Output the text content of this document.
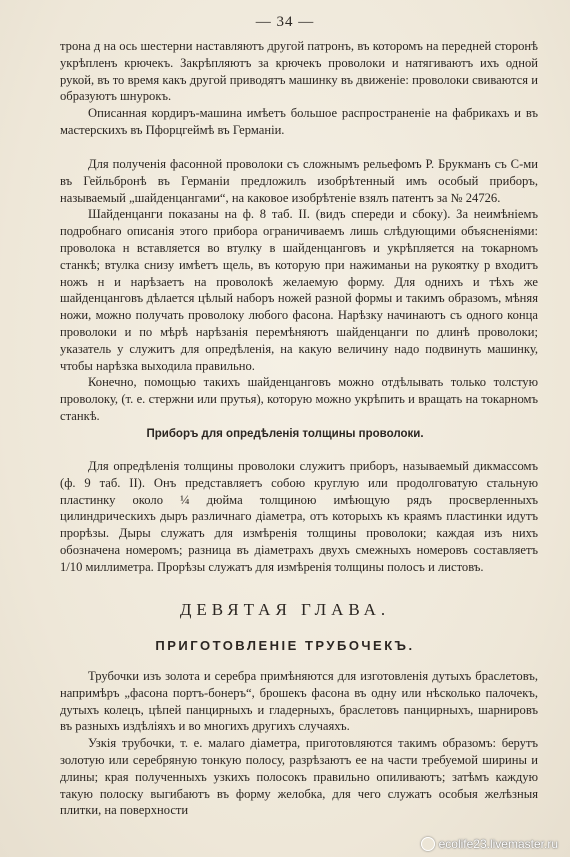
— 34 —

трона д на ось шестерни наставляютъ другой патронъ, въ которомъ на передней сторонѣ укрѣпленъ крючекъ. Закрѣпляютъ за крючекъ проволоки и натягиваютъ ихъ одной рукой, въ то время какъ другой приводятъ машинку въ движенiе: проволоки свиваются и образуютъ шнурокъ.

Описанная кордиръ-машина имѣетъ большое распространенiе на фабрикахъ и въ мастерскихъ въ Пфорцгеймѣ въ Германiи.

Для полученiя фасонной проволоки съ сложнымъ рельефомъ Р. Брукманъ съ С-ми въ Гейльбронѣ въ Германiи предложилъ изобрѣтенный имъ особый приборъ, называемый „шайденцангами“, на каковое изобрѣтенiе взялъ патентъ за № 24726.

Шайденцанги показаны на ф. 8 таб. II. (видъ спереди и сбоку). За неимѣнiемъ подробнаго описанiя этого прибора ограничиваемъ лишь слѣдующими объясненiями: проволока н вставляется во втулку в шайденцанговъ и укрѣпляется на токарномъ станкѣ; втулка снизу имѣетъ щель, въ которую при нажиманьи на рукоятку р входитъ ножъ н и нарѣзаетъ на проволокѣ желаемую форму. Для однихъ и тѣхъ же шайденцанговъ дѣлается цѣлый наборъ ножей разной формы и такимъ образомъ, мѣняя ножи, можно получать проволоку любого фасона. Нарѣзку начинаютъ съ одного конца проволоки и по мѣрѣ нарѣзанiя перемѣняютъ шайденцанги по длинѣ проволоки; указатель у служитъ для опредѣленiя, на какую величину надо подвинуть машинку, чтобы нарѣзка выходила правильно.

Конечно, помощью такихъ шайденцанговъ можно отдѣлывать только толстую проволоку, (т. е. стержни или прутья), которую можно укрѣпить и вращать на токарномъ станкѣ.

Приборъ для опредѣленiя толщины проволоки.

Для опредѣленiя толщины проволоки служитъ приборъ, называемый дикмассомъ (ф. 9 таб. II). Онъ представляетъ собою круглую или продолговатую стальную пластинку около ¼ дюйма толщиною имѣющую рядъ просверленныхъ цилиндрическихъ дыръ различнаго дiаметра, отъ которыхъ къ краямъ пластинки идутъ прорѣзы. Дыры служатъ для измѣренiя толщины проволоки; каждая изъ нихъ обозначена номеромъ; разница въ дiаметрахъ двухъ смежныхъ номеровъ составляетъ 1/10 миллиметра. Прорѣзы служатъ для измѣренiя толщины полосъ и листовъ.

ДЕВЯТАЯ ГЛАВА.
ПРИГОТОВЛЕНIЕ ТРУБОЧЕКЪ.

Трубочки изъ золота и серебра примѣняются для изготовленiя дутыхъ браслетовъ, напримѣръ „фасона портъ-бонеръ“, брошекъ фасона въ одну или нѣсколько палочекъ, дутыхъ колецъ, цѣпей панцирныхъ и гладерныхъ, браслетовъ панцирныхъ, шарнировъ въ разныхъ издѣлiяхъ и во многихъ другихъ случаяхъ.

Узкiя трубочки, т. е. малаго дiаметра, приготовляются такимъ образомъ: берутъ золотую или серебряную тонкую полосу, разрѣзаютъ ее на части требуемой ширины и длины; края полученныхъ узкихъ полосокъ правильно опиливаютъ; затѣмъ каждую такую полоску выгибаютъ въ форму желобка, для чего служатъ особыя желѣзныя плитки, на поверхности

ecolife23.livemaster.ru
